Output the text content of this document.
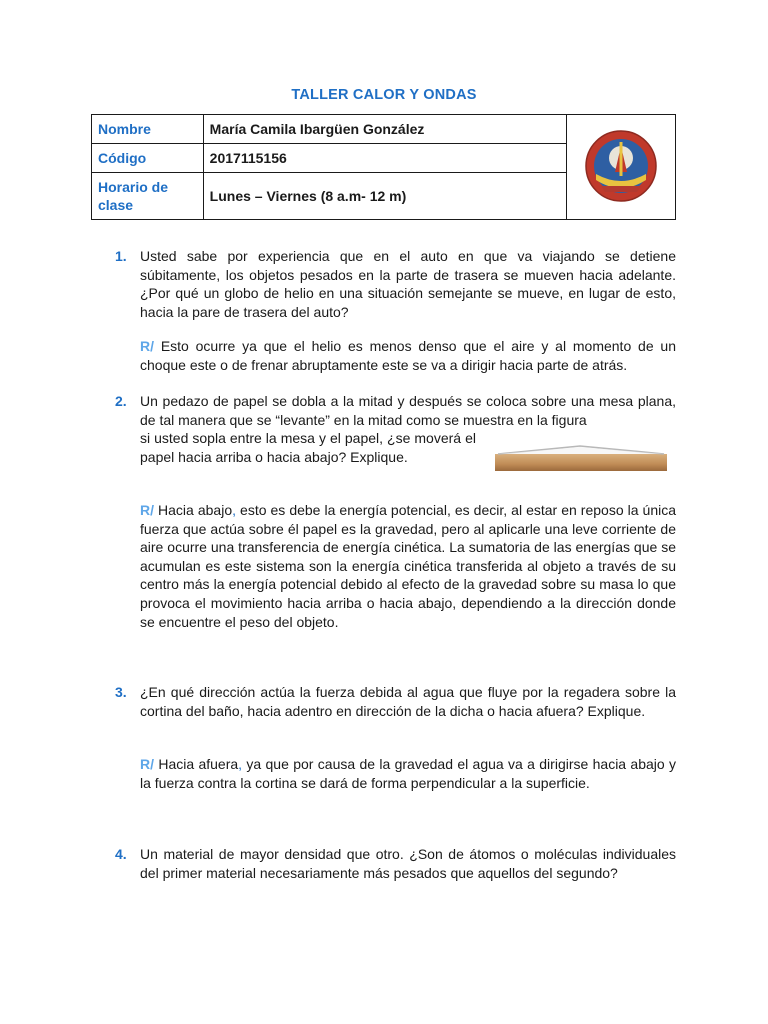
TALLER CALOR Y ONDAS
Nombre	María Camila Ibargüen González	
Código	2017115156	
Horario de clase	Lunes – Viernes (8 a.m- 12 m)	
1. Usted sabe por experiencia que en el auto en que va viajando se detiene súbitamente, los objetos pesados en la parte de trasera se mueven hacia adelante. ¿Por qué un globo de helio en una situación semejante se mueve, en lugar de esto, hacia la pare de trasera del auto?
R/ Esto ocurre ya que el helio es menos denso que el aire y al momento de un choque este o de frenar abruptamente este se va a dirigir hacia parte de atrás.
2. Un pedazo de papel se dobla a la mitad y después se coloca sobre una mesa plana, de tal manera que se “levante” en la mitad como se muestra en la figura
si usted sopla entre la mesa y el papel, ¿se moverá el papel hacia arriba o hacia abajo? Explique.
R/ Hacia abajo, esto es debe la energía potencial, es decir, al estar en reposo la única fuerza que actúa sobre él papel es la gravedad, pero al aplicarle una leve corriente de aire ocurre una transferencia de energía cinética. La sumatoria de las energías que se acumulan es este sistema son la energía cinética transferida al objeto a través de su centro más la energía potencial debido al efecto de la gravedad sobre su masa lo que provoca el movimiento hacia arriba o hacia abajo, dependiendo a la dirección donde se encuentre el peso del objeto.
3. ¿En qué dirección actúa la fuerza debida al agua que fluye por la regadera sobre la cortina del baño, hacia adentro en dirección de la dicha o hacia afuera? Explique.
R/ Hacia afuera, ya que por causa de la gravedad el agua va a dirigirse hacia abajo y la fuerza contra la cortina se dará de forma perpendicular a la superficie.
4. Un material de mayor densidad que otro. ¿Son de átomos o moléculas individuales del primer material necesariamente más pesados que aquellos del segundo?
